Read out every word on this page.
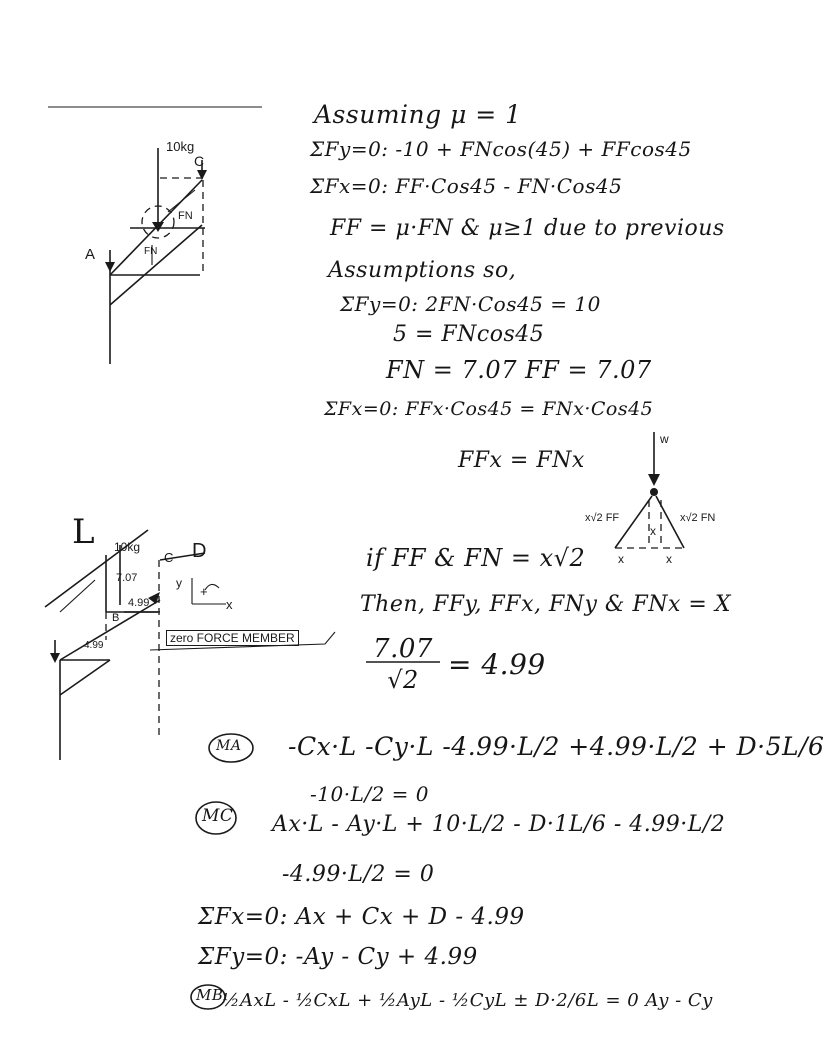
10kg
C
A
FN
FN
L 10kg
C D
7.07
4.99
B
4.99
y
x
+
zero FORCE MEMBER
w
x√2 FF	x√2 FN
x
x	x
Assuming μ = 1
ΣFy=0: -10 + FNcos(45) + FFcos45
ΣFx=0: FF·Cos45 - FN·Cos45
FF = μ·FN & μ≥1 due to previous
Assumptions so,
ΣFy=0: 2FN·Cos45 = 10
5 = FNcos45
FN = 7.07 FF = 7.07
ΣFx=0: FFx·Cos45 = FNx·Cos45
FFx = FNx
if FF & FN = x√2
Then, FFy, FFx, FNy & FNx = X
7.07
√2	= 4.99
MA -Cx·L -Cy·L -4.99·L/2 +4.99·L/2 + D·5L/6
-10·L/2 = 0
MC Ax·L - Ay·L + 10·L/2 - D·1L/6 - 4.99·L/2
-4.99·L/2 = 0
ΣFx=0: Ax + Cx + D - 4.99
ΣFy=0: -Ay - Cy + 4.99
MB
½AxL - ½CxL + ½AyL - ½CyL ± D·2/6L = 0 Ay - Cy
